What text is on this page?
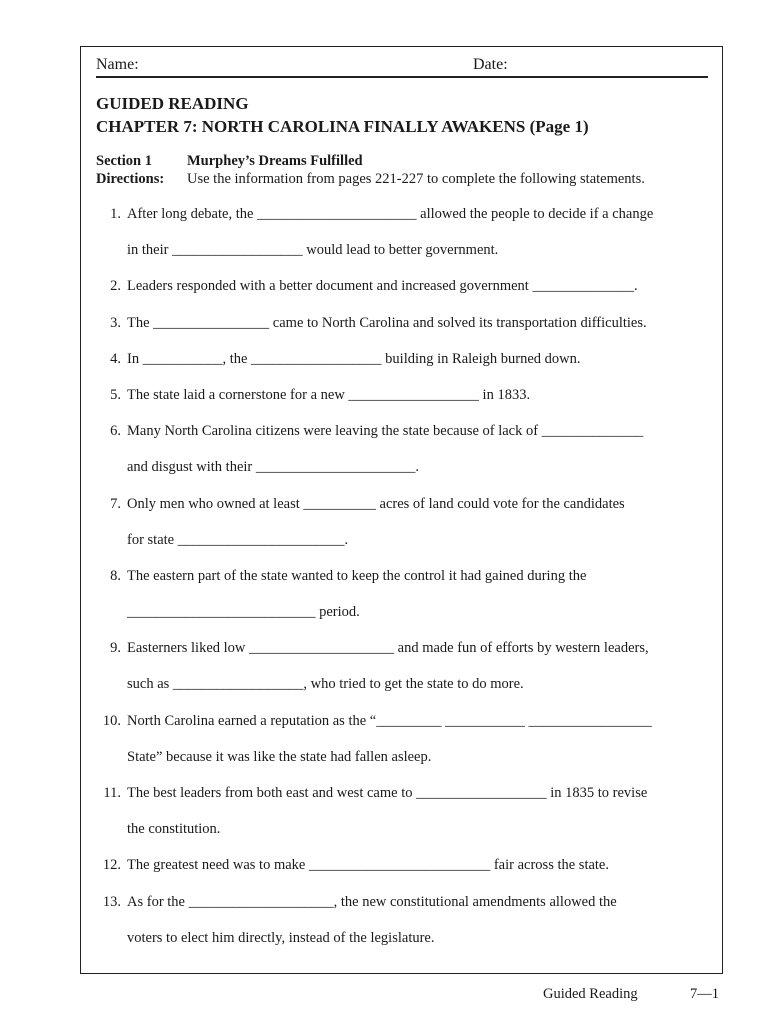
Name:	Date:
GUIDED READING
CHAPTER 7: NORTH CAROLINA FINALLY AWAKENS (Page 1)
Section 1 Murphey’s Dreams Fulfilled
Directions: Use the information from pages 221-227 to complete the following statements.
1. After long debate, the ______________________ allowed the people to decide if a change
in their __________________ would lead to better government.
2. Leaders responded with a better document and increased government ______________.
3. The ________________ came to North Carolina and solved its transportation difficulties.
4. In ___________, the __________________ building in Raleigh burned down.
5. The state laid a cornerstone for a new __________________ in 1833.
6. Many North Carolina citizens were leaving the state because of lack of ______________
and disgust with their ______________________.
7. Only men who owned at least __________ acres of land could vote for the candidates
for state _______________________.
8. The eastern part of the state wanted to keep the control it had gained during the
__________________________ period.
9. Easterners liked low ____________________ and made fun of efforts by western leaders,
such as __________________, who tried to get the state to do more.
10. North Carolina earned a reputation as the “_________ ___________ _________________
State” because it was like the state had fallen asleep.
11. The best leaders from both east and west came to __________________ in 1835 to revise
the constitution.
12. The greatest need was to make _________________________ fair across the state.
13. As for the ____________________, the new constitutional amendments allowed the
voters to elect him directly, instead of the legislature.
Guided Reading	7—1
